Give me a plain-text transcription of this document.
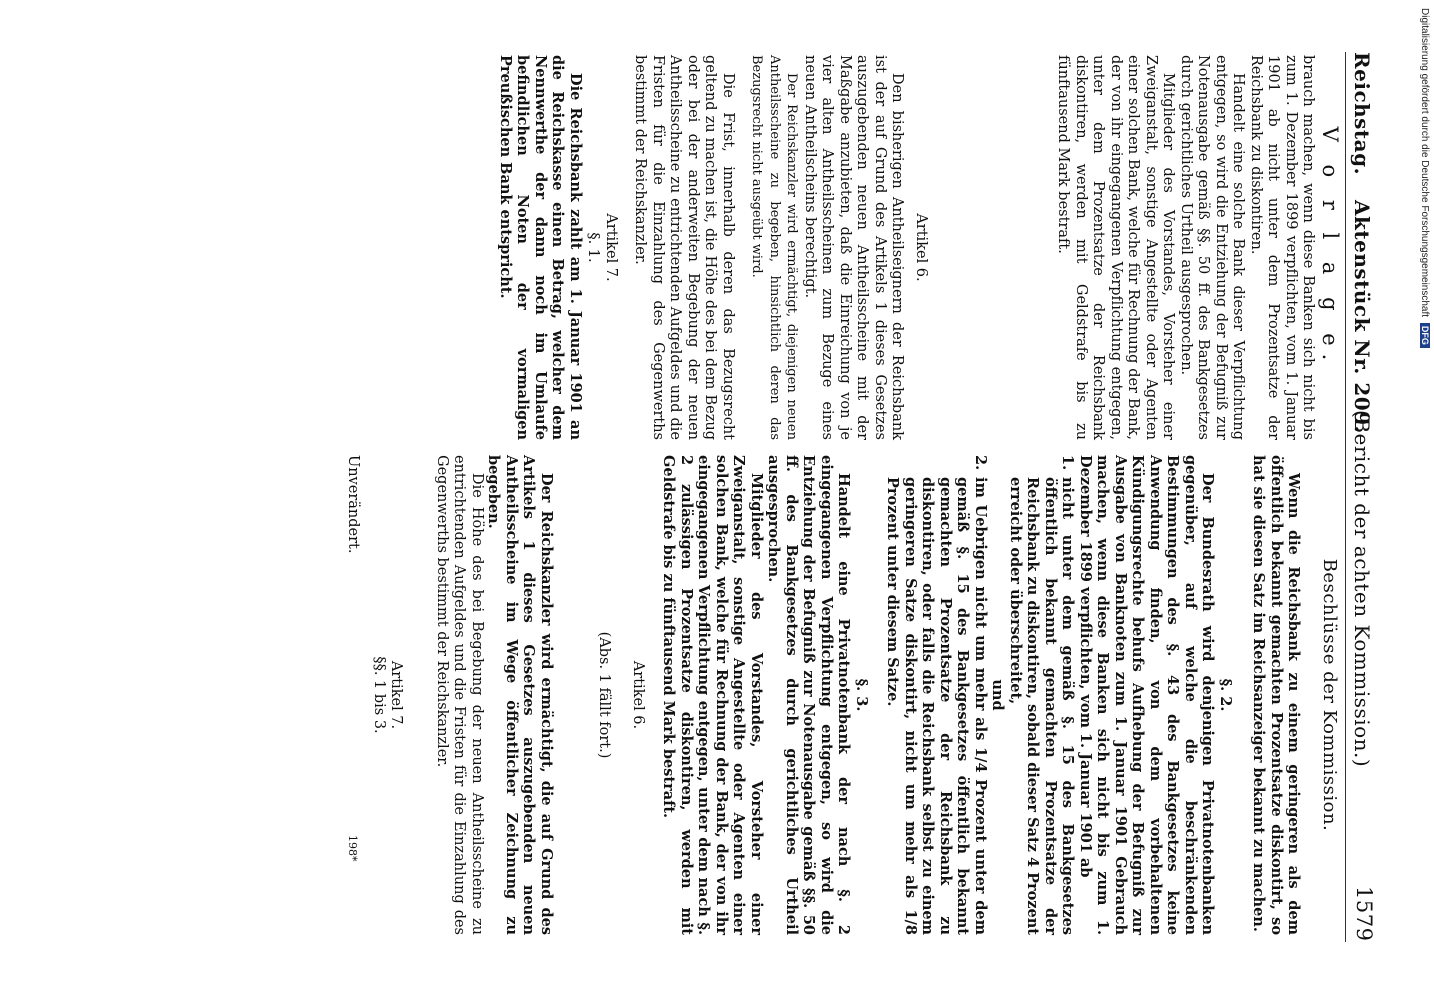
Reichstag.
Aktenstück Nr. 209.
(Bericht der achten Kommission.)
1579
V o r l a g e.

brauch machen, wenn diese Banken sich nicht bis zum 1. Dezember 1899 verpflichten, vom 1. Januar 1901 ab nicht unter dem Prozentsatze der Reichsbank zu diskontiren.

Handelt eine solche Bank dieser Verpflichtung entgegen, so wird die Entziehung der Befugniß zur Notenausgabe gemäß §§. 50 ff. des Bankgesetzes durch gerichtliches Urtheil ausgesprochen.

Mitglieder des Vorstandes, Vorsteher einer Zweiganstalt, sonstige Angestellte oder Agenten einer solchen Bank, welche für Rechnung der Bank, der von ihr eingegangenen Verpflichtung entgegen, unter dem Prozentsatze der Reichsbank diskontiren, werden mit Geldstrafe bis zu fünftausend Mark bestraft.

Artikel 6.

Den bisherigen Antheilseignern der Reichsbank ist der auf Grund des Artikels 1 dieses Gesetzes auszugebenden neuen Antheilsscheine mit der Maßgabe anzubieten, daß die Einreichung von je vier alten Antheilsscheinen zum Bezuge eines neuen Antheilscheins berechtigt.

Der Reichskanzler wird ermächtigt, diejenigen neuen Antheilsscheine zu begeben, hinsichtlich deren das Bezugsrecht nicht ausgeübt wird.

Die Frist, innerhalb deren das Bezugsrecht geltend zu machen ist, die Höhe des bei dem Bezug oder bei der anderweiten Begebung der neuen Antheilsscheine zu entrichtenden Aufgeldes und die Fristen für die Einzahlung des Gegenwerths bestimmt der Reichskanzler.

Artikel 7.
§. 1.

Die Reichsbank zahlt am 1. Januar 1901 an die Reichskasse einen Betrag, welcher dem Nennwerthe der dann noch im Umlaufe befindlichen Noten der vormaligen Preußischen Bank entspricht.

Beschlüsse der Kommission.

Wenn die Reichsbank zu einem geringeren als dem öffentlich bekannt gemachten Prozentsatze diskontirt, so hat sie diesen Satz im Reichsanzeiger bekannt zu machen.

§. 2.

Der Bundesrath wird denjenigen Privatnotenbanken gegenüber, auf welche die beschränkenden Bestimmungen des §. 43 des Bankgesetzes keine Anwendung finden, von dem vorbehaltenen Kündigungsrechte behufs Aufhebung der Befugniß zur Ausgabe von Banknoten zum 1. Januar 1901 Gebrauch machen, wenn diese Banken sich nicht bis zum 1. Dezember 1899 verpflichten, vom 1. Januar 1901 ab

1.
nicht unter dem gemäß §. 15 des Bankgesetzes öffentlich bekannt gemachten Prozentsatze der Reichsbank zu diskontiren, sobald dieser Satz 4 Prozent erreicht oder überschreitet,
und
2.
im Uebrigen nicht um mehr als 1/4 Prozent unter dem gemäß §. 15 des Bankgesetzes öffentlich bekannt gemachten Prozentsatze der Reichsbank zu diskontiren, oder falls die Reichsbank selbst zu einem geringeren Satze diskontirt, nicht um mehr als 1/8 Prozent unter diesem Satze.
§. 3.

Handelt eine Privatnotenbank der nach §. 2 eingegangenen Verpflichtung entgegen, so wird die Entziehung der Befugniß zur Notenausgabe gemäß §§. 50 ff. des Bankgesetzes durch gerichtliches Urtheil ausgesprochen.

Mitglieder des Vorstandes, Vorsteher einer Zweiganstalt, sonstige Angestellte oder Agenten einer solchen Bank, welche für Rechnung der Bank, der von ihr eingegangenen Verpflichtung entgegen, unter dem nach §. 2 zulässigen Prozentsatze diskontiren, werden mit Geldstrafe bis zu fünftausend Mark bestraft.

Artikel 6.
(Abs. 1 fällt fort.)

Der Reichskanzler wird ermächtigt, die auf Grund des Artikels 1 dieses Gesetzes auszugebenden neuen Antheilsscheine im Wege öffentlicher Zeichnung zu begeben.

Die Höhe des bei Begebung der neuen Antheilsscheine zu entrichtenden Aufgeldes und die Fristen für die Einzahlung des Gegenwerths bestimmt der Reichskanzler.

Artikel 7.
§§. 1 bis 3.

Unverändert.

198*
Digitalisierung gefördert durch die Deutsche Forschungsgemeinschaft DFG
